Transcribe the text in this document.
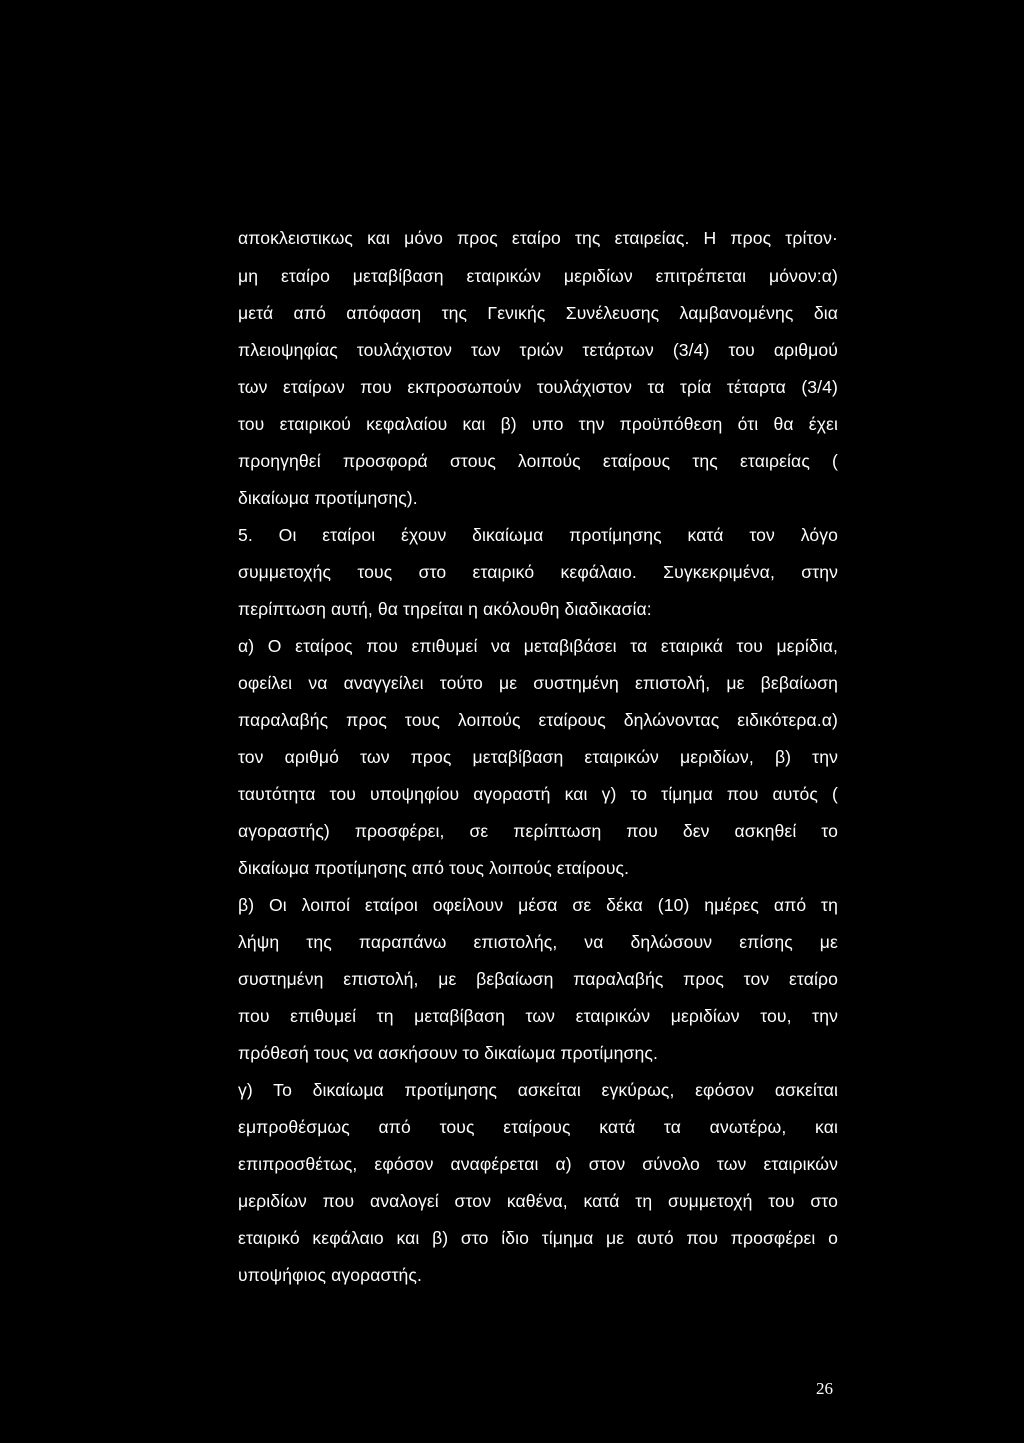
αποκλειστικως και μόνο προς εταίρο της εταιρείας. Η προς τρίτον·
μη εταίρο μεταβίβαση εταιρικών μεριδίων επιτρέπεται μόνον:α)
μετά από απόφαση της Γενικής Συνέλευσης λαμβανομένης δια
πλειοψηφίας τουλάχιστον των τριών τετάρτων (3/4) του αριθμού
των εταίρων που εκπροσωπούν τουλάχιστον τα τρία τέταρτα (3/4)
του εταιρικού κεφαλαίου και β) υπο την προϋπόθεση ότι θα έχει
προηγηθεί προσφορά στους λοιπούς εταίρους της εταιρείας (
δικαίωμα προτίμησης).
5. Οι εταίροι έχουν δικαίωμα προτίμησης κατά τον λόγο
συμμετοχής τους στο εταιρικό κεφάλαιο. Συγκεκριμένα, στην
περίπτωση αυτή, θα τηρείται η ακόλουθη διαδικασία:
α) Ο εταίρος που επιθυμεί να μεταβιβάσει τα εταιρικά του μερίδια,
οφείλει να αναγγείλει τούτο με συστημένη επιστολή, με βεβαίωση
παραλαβής προς τους λοιπούς εταίρους δηλώνοντας ειδικότερα.α)
τον αριθμό των προς μεταβίβαση εταιρικών μεριδίων, β) την
ταυτότητα του υποψηφίου αγοραστή και γ) το τίμημα που αυτός (
αγοραστής) προσφέρει, σε περίπτωση που δεν ασκηθεί το
δικαίωμα προτίμησης από τους λοιπούς εταίρους.
β) Οι λοιποί εταίροι οφείλουν μέσα σε δέκα (10) ημέρες από τη
λήψη της παραπάνω επιστολής, να δηλώσουν επίσης με
συστημένη επιστολή, με βεβαίωση παραλαβής προς τον εταίρο
που επιθυμεί τη μεταβίβαση των εταιρικών μεριδίων του, την
πρόθεσή τους να ασκήσουν το δικαίωμα προτίμησης.
γ) Το δικαίωμα προτίμησης ασκείται εγκύρως, εφόσον ασκείται
εμπροθέσμως από τους εταίρους κατά τα ανωτέρω, και
επιπροσθέτως, εφόσον αναφέρεται α) στον σύνολο των εταιρικών
μεριδίων που αναλογεί στον καθένα, κατά τη συμμετοχή του στο
εταιρικό κεφάλαιο και β) στο ίδιο τίμημα με αυτό που προσφέρει ο
υποψήφιος αγοραστής.
26
